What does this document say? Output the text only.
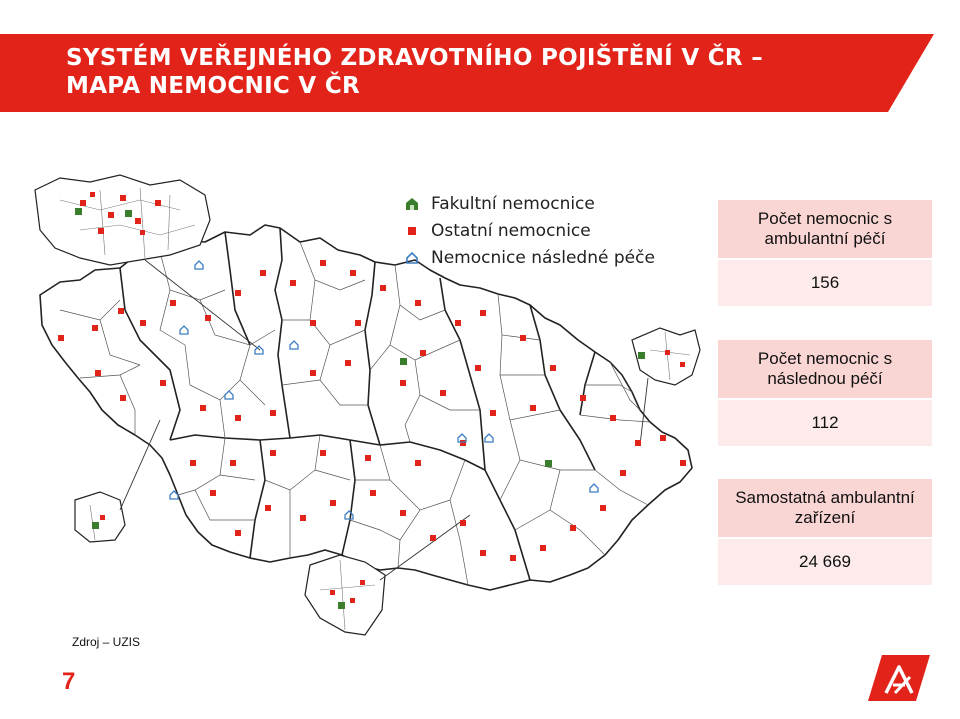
SYSTÉM VEŘEJNÉHO ZDRAVOTNÍHO POJIŠTĚNÍ V ČR –
MAPA NEMOCNIC V ČR
Fakultní nemocnice
Ostatní nemocnice
Nemocnice následné péče
Počet nemocnic s ambulantní péčí
156
Počet nemocnic s následnou péčí
112
Samostatná ambulantní zařízení
24 669
Zdroj – UZIS
7
